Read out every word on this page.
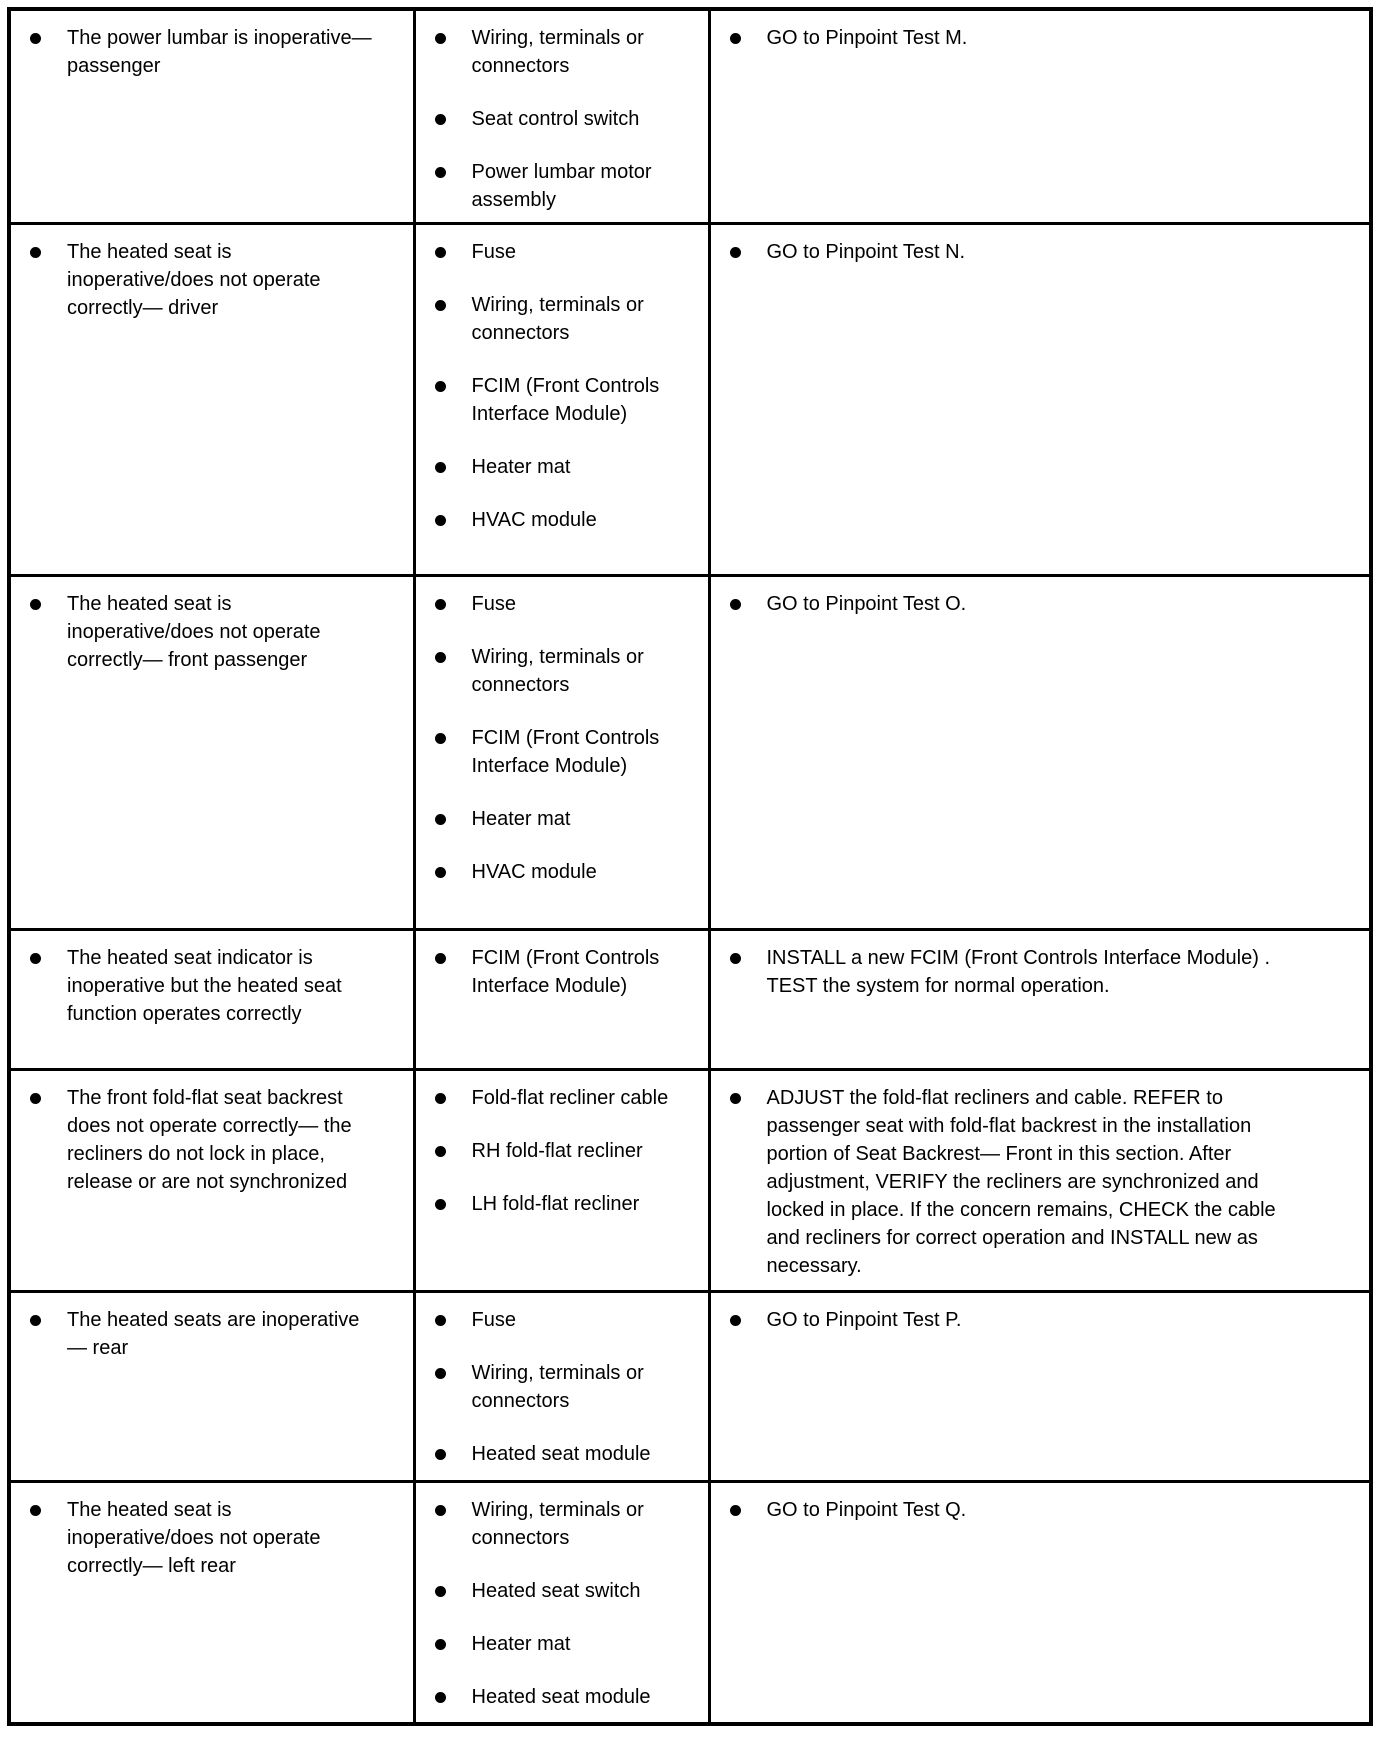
The power lumbar is inoperative— passenger

Wiring, terminals or connectors
Seat control switch
Power lumbar motor assembly

GO to Pinpoint Test M.

The heated seat is inoperative/does not operate correctly— driver

Fuse
Wiring, terminals or connectors
FCIM (Front Controls Interface Module)
Heater mat
HVAC module

GO to Pinpoint Test N.

The heated seat is inoperative/does not operate correctly— front passenger

Fuse
Wiring, terminals or connectors
FCIM (Front Controls Interface Module)
Heater mat
HVAC module

GO to Pinpoint Test O.

The heated seat indicator is inoperative but the heated seat function operates correctly

FCIM (Front Controls Interface Module)

INSTALL a new FCIM (Front Controls Interface Module) . TEST the system for normal operation.

The front fold-flat seat backrest does not operate correctly— the recliners do not lock in place, release or are not synchronized

Fold-flat recliner cable
RH fold-flat recliner
LH fold-flat recliner

ADJUST the fold-flat recliners and cable. REFER to passenger seat with fold-flat backrest in the installation portion of Seat Backrest— Front in this section. After adjustment, VERIFY the recliners are synchronized and locked in place. If the concern remains, CHECK the cable and recliners for correct operation and INSTALL new as necessary.

The heated seats are inoperative— rear

Fuse
Wiring, terminals or connectors
Heated seat module

GO to Pinpoint Test P.

The heated seat is inoperative/does not operate correctly— left rear

Wiring, terminals or connectors
Heated seat switch
Heater mat
Heated seat module

GO to Pinpoint Test Q.
